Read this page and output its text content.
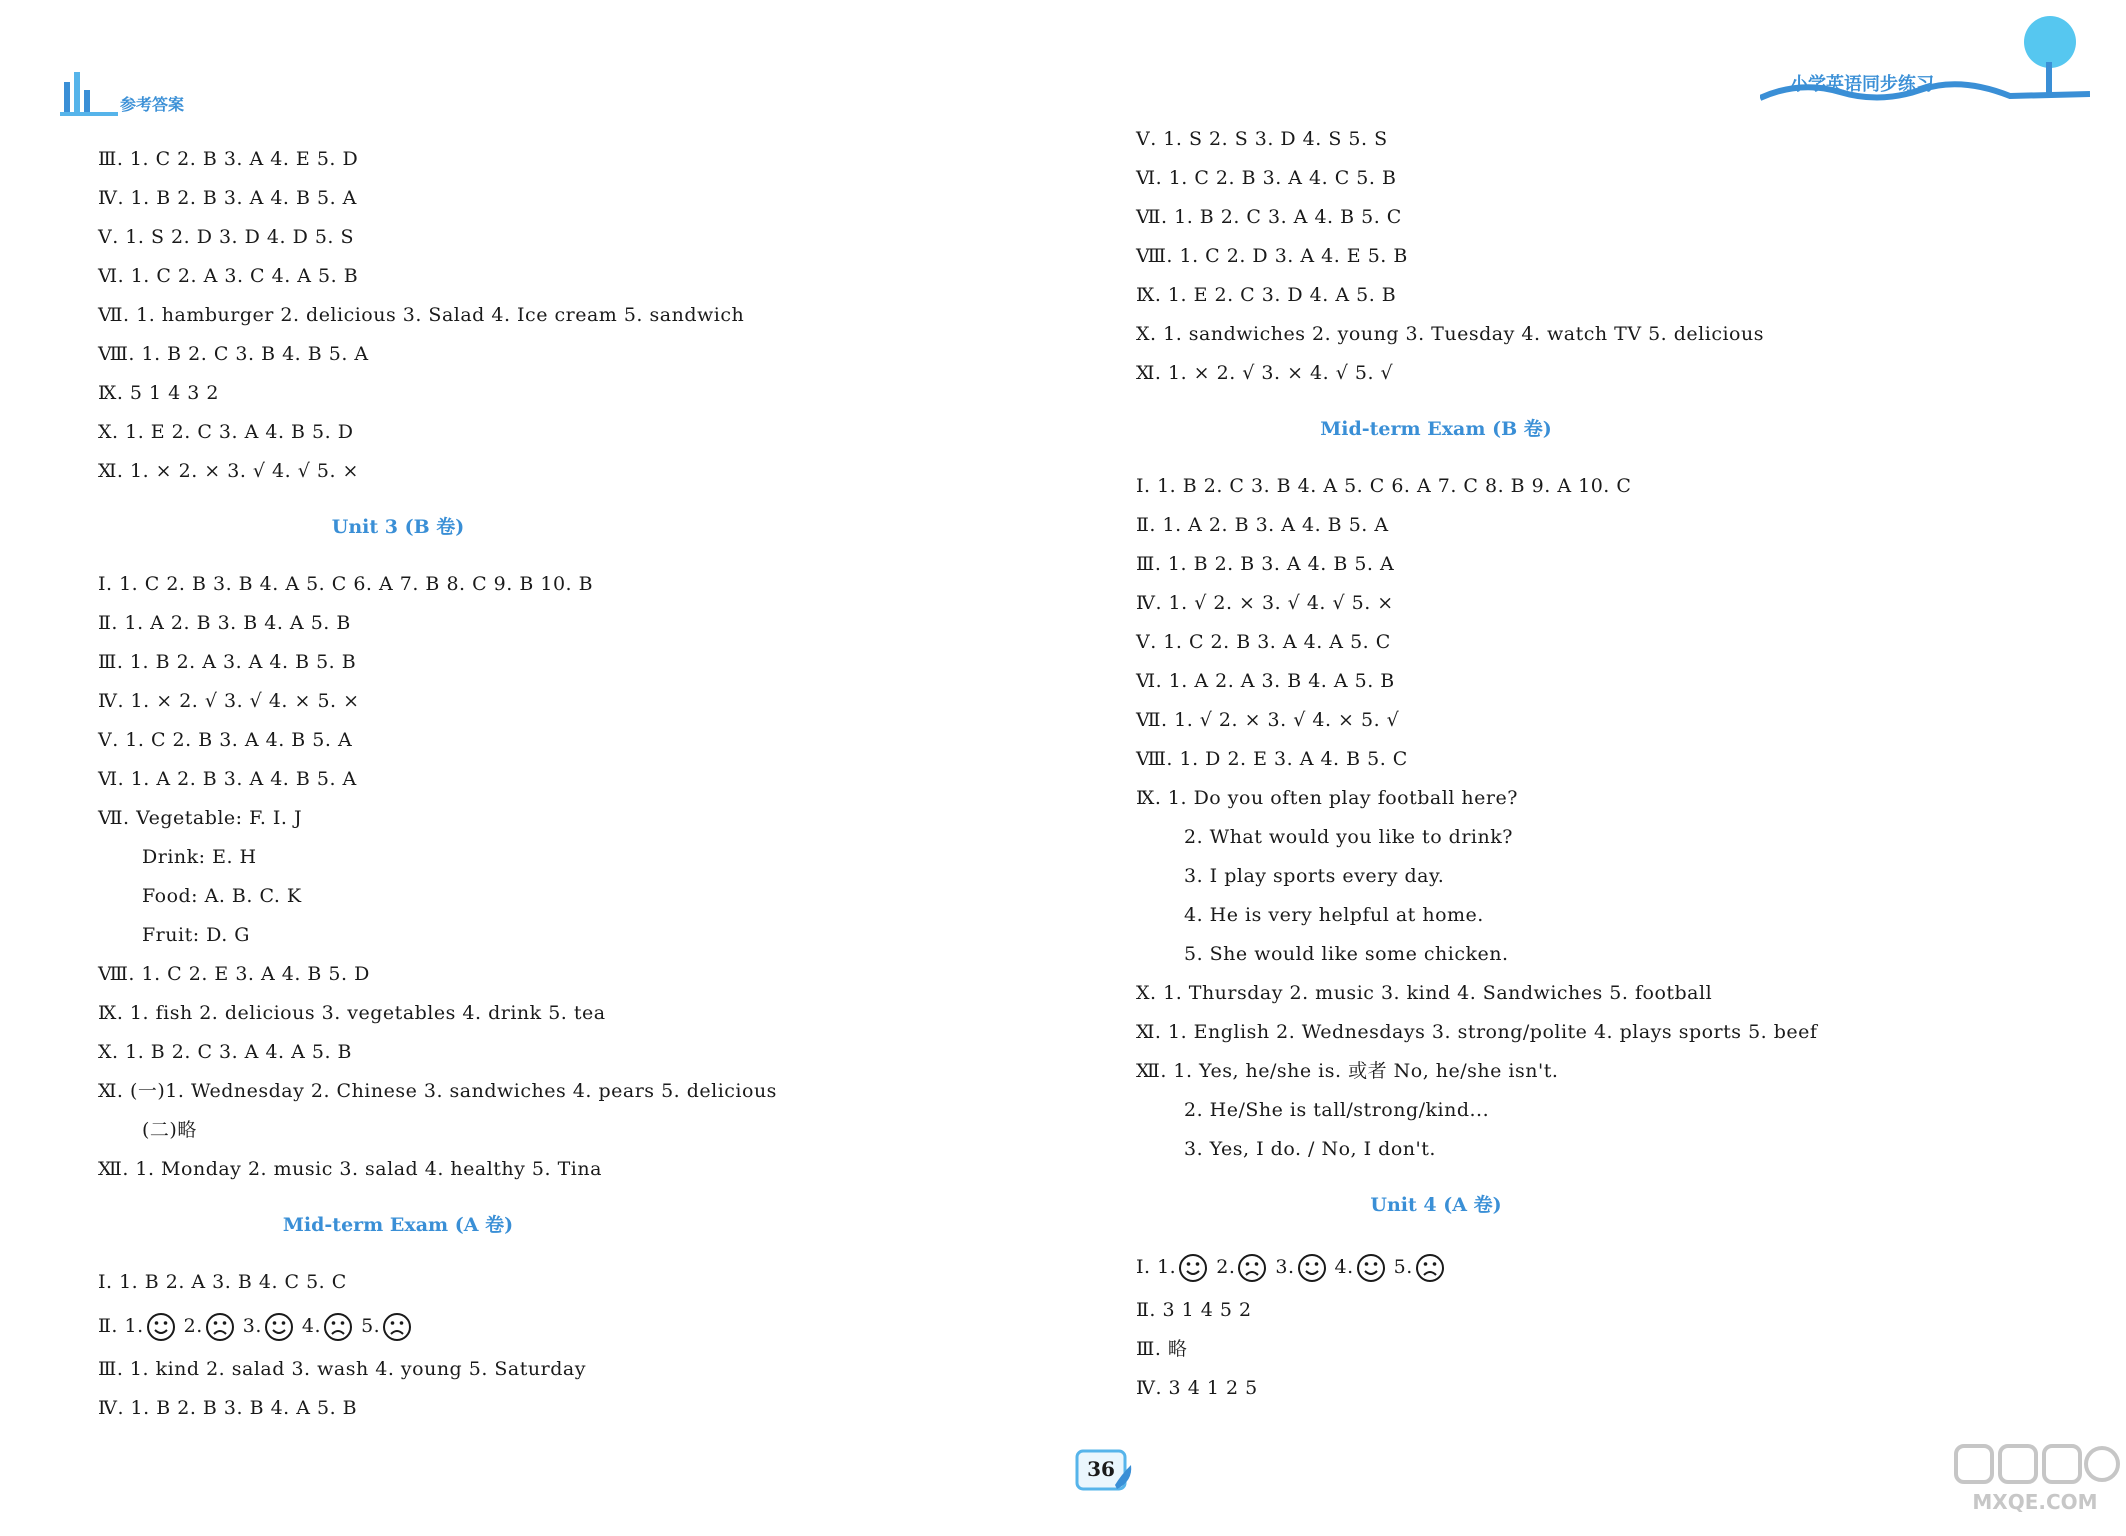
参考答案
Ⅲ. 1. C 2. B 3. A 4. E 5. D
Ⅳ. 1. B 2. B 3. A 4. B 5. A
Ⅴ. 1. S 2. D 3. D 4. D 5. S
Ⅵ. 1. C 2. A 3. C 4. A 5. B
Ⅶ. 1. hamburger 2. delicious 3. Salad 4. Ice cream 5. sandwich
Ⅷ. 1. B 2. C 3. B 4. B 5. A
Ⅸ. 5 1 4 3 2
Ⅹ. 1. E 2. C 3. A 4. B 5. D
Ⅺ. 1. × 2. × 3. √ 4. √ 5. ×
Unit 3 (B 卷)
Ⅰ. 1. C 2. B 3. B 4. A 5. C 6. A 7. B 8. C 9. B 10. B
Ⅱ. 1. A 2. B 3. B 4. A 5. B
Ⅲ. 1. B 2. A 3. A 4. B 5. B
Ⅳ. 1. × 2. √ 3. √ 4. × 5. ×
Ⅴ. 1. C 2. B 3. A 4. B 5. A
Ⅵ. 1. A 2. B 3. A 4. B 5. A
Ⅶ. Vegetable: F. I. J
Drink: E. H
Food: A. B. C. K
Fruit: D. G
Ⅷ. 1. C 2. E 3. A 4. B 5. D
Ⅸ. 1. fish 2. delicious 3. vegetables 4. drink 5. tea
Ⅹ. 1. B 2. C 3. A 4. A 5. B
Ⅺ. (一)1. Wednesday 2. Chinese 3. sandwiches 4. pears 5. delicious
(二)略
Ⅻ. 1. Monday 2. music 3. salad 4. healthy 5. Tina
Mid-term Exam (A 卷)
Ⅰ. 1. B 2. A 3. B 4. C 5. C
Ⅱ. 1. 2. 3. 4. 5.
Ⅲ. 1. kind 2. salad 3. wash 4. young 5. Saturday
Ⅳ. 1. B 2. B 3. B 4. A 5. B
小学英语同步练习
Ⅴ. 1. S 2. S 3. D 4. S 5. S
Ⅵ. 1. C 2. B 3. A 4. C 5. B
Ⅶ. 1. B 2. C 3. A 4. B 5. C
Ⅷ. 1. C 2. D 3. A 4. E 5. B
Ⅸ. 1. E 2. C 3. D 4. A 5. B
Ⅹ. 1. sandwiches 2. young 3. Tuesday 4. watch TV 5. delicious
Ⅺ. 1. × 2. √ 3. × 4. √ 5. √
Mid-term Exam (B 卷)
Ⅰ. 1. B 2. C 3. B 4. A 5. C 6. A 7. C 8. B 9. A 10. C
Ⅱ. 1. A 2. B 3. A 4. B 5. A
Ⅲ. 1. B 2. B 3. A 4. B 5. A
Ⅳ. 1. √ 2. × 3. √ 4. √ 5. ×
Ⅴ. 1. C 2. B 3. A 4. A 5. C
Ⅵ. 1. A 2. A 3. B 4. A 5. B
Ⅶ. 1. √ 2. × 3. √ 4. × 5. √
Ⅷ. 1. D 2. E 3. A 4. B 5. C
Ⅸ. 1. Do you often play football here?
2. What would you like to drink?
3. I play sports every day.
4. He is very helpful at home.
5. She would like some chicken.
Ⅹ. 1. Thursday 2. music 3. kind 4. Sandwiches 5. football
Ⅺ. 1. English 2. Wednesdays 3. strong/polite 4. plays sports 5. beef
Ⅻ. 1. Yes, he/she is. 或者 No, he/she isn't.
2. He/She is tall/strong/kind...
3. Yes, I do. / No, I don't.
Unit 4 (A 卷)
Ⅰ. 1. 2. 3. 4. 5.
Ⅱ. 3 1 4 5 2
Ⅲ. 略
Ⅳ. 3 4 1 2 5
36
MXQE.COM
